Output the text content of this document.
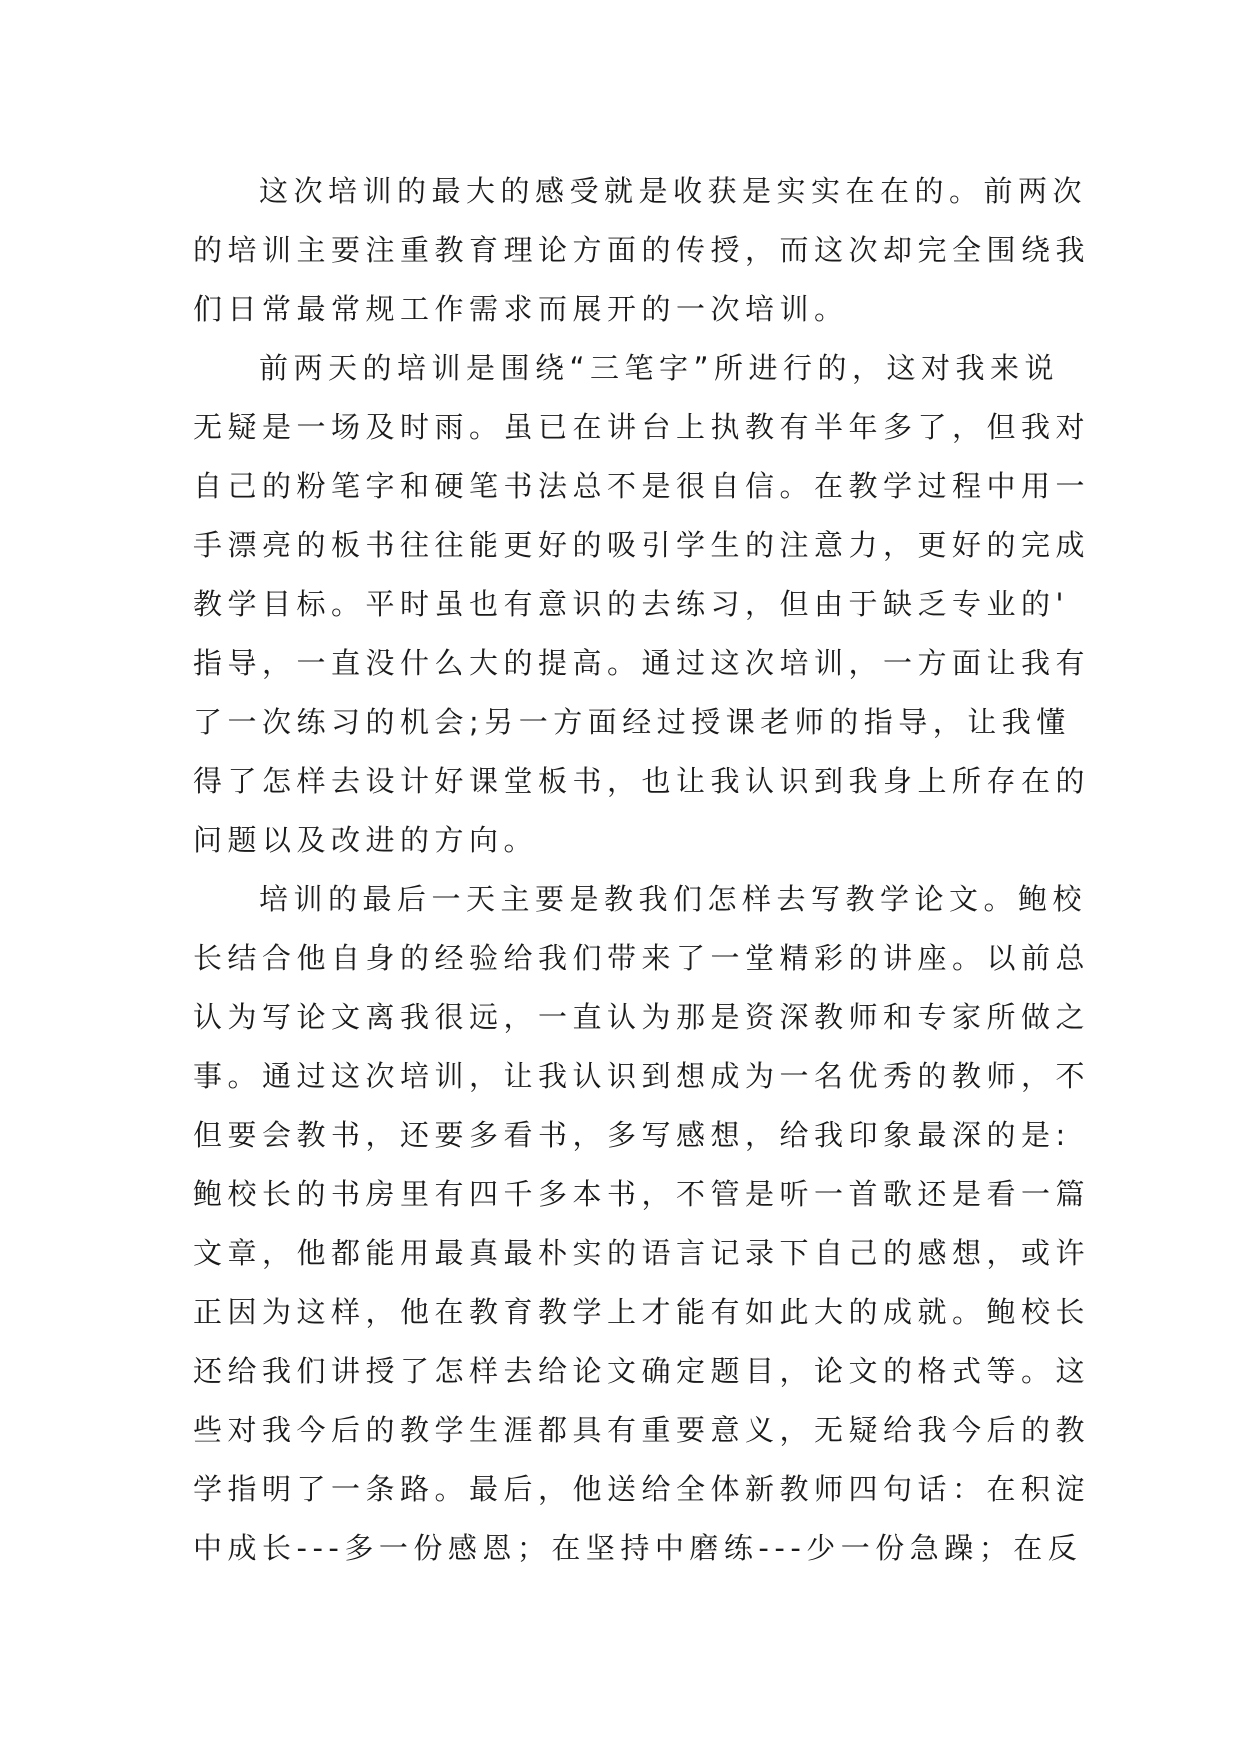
这次培训的最大的感受就是收获是实实在在的。前两次
的培训主要注重教育理论方面的传授，而这次却完全围绕我
们日常最常规工作需求而展开的一次培训。
前两天的培训是围绕“三笔字”所进行的，这对我来说
无疑是一场及时雨。虽已在讲台上执教有半年多了，但我对
自己的粉笔字和硬笔书法总不是很自信。在教学过程中用一
手漂亮的板书往往能更好的吸引学生的注意力，更好的完成
教学目标。平时虽也有意识的去练习，但由于缺乏专业的'
指导，一直没什么大的提高。通过这次培训，一方面让我有
了一次练习的机会;另一方面经过授课老师的指导，让我懂
得了怎样去设计好课堂板书，也让我认识到我身上所存在的
问题以及改进的方向。
培训的最后一天主要是教我们怎样去写教学论文。鲍校
长结合他自身的经验给我们带来了一堂精彩的讲座。以前总
认为写论文离我很远，一直认为那是资深教师和专家所做之
事。通过这次培训，让我认识到想成为一名优秀的教师，不
但要会教书，还要多看书，多写感想，给我印象最深的是:
鲍校长的书房里有四千多本书，不管是听一首歌还是看一篇
文章，他都能用最真最朴实的语言记录下自己的感想，或许
正因为这样，他在教育教学上才能有如此大的成就。鲍校长
还给我们讲授了怎样去给论文确定题目，论文的格式等。这
些对我今后的教学生涯都具有重要意义，无疑给我今后的教
学指明了一条路。最后，他送给全体新教师四句话：在积淀
中成长---多一份感恩；在坚持中磨练---少一份急躁；在反
